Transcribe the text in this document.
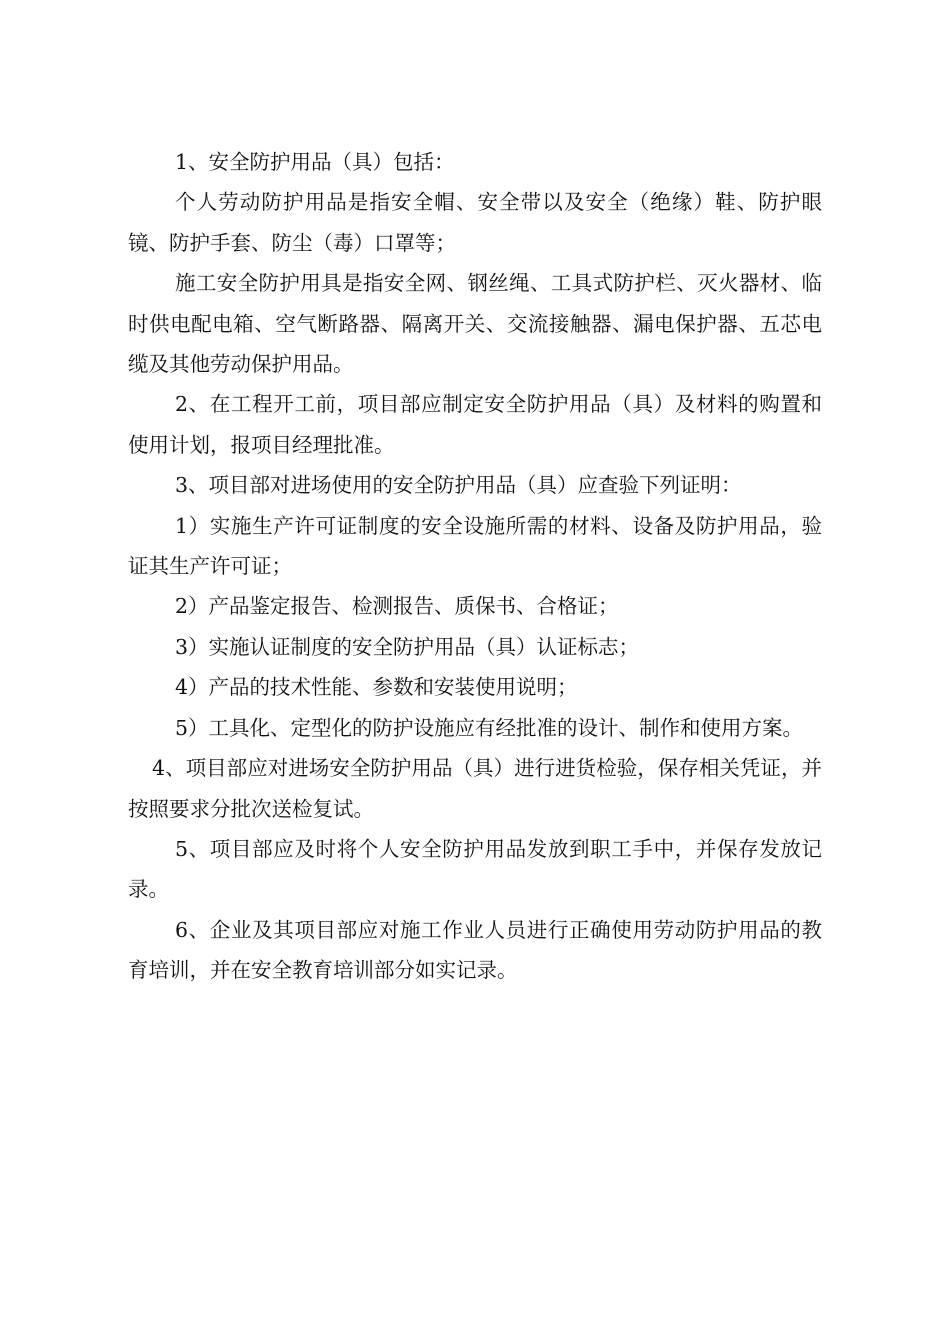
1、安全防护用品（具）包括：

个人劳动防护用品是指安全帽、安全带以及安全（绝缘）鞋、防护眼镜、防护手套、防尘（毒）口罩等；

施工安全防护用具是指安全网、钢丝绳、工具式防护栏、灭火器材、临时供电配电箱、空气断路器、隔离开关、交流接触器、漏电保护器、五芯电缆及其他劳动保护用品。

2、在工程开工前，项目部应制定安全防护用品（具）及材料的购置和使用计划，报项目经理批准。

3、项目部对进场使用的安全防护用品（具）应查验下列证明：

1）实施生产许可证制度的安全设施所需的材料、设备及防护用品，验证其生产许可证；

2）产品鉴定报告、检测报告、质保书、合格证；

3）实施认证制度的安全防护用品（具）认证标志；

4）产品的技术性能、参数和安装使用说明；

5）工具化、定型化的防护设施应有经批准的设计、制作和使用方案。

4、项目部应对进场安全防护用品（具）进行进货检验，保存相关凭证，并按照要求分批次送检复试。

5、项目部应及时将个人安全防护用品发放到职工手中，并保存发放记录。

6、企业及其项目部应对施工作业人员进行正确使用劳动防护用品的教育培训，并在安全教育培训部分如实记录。
